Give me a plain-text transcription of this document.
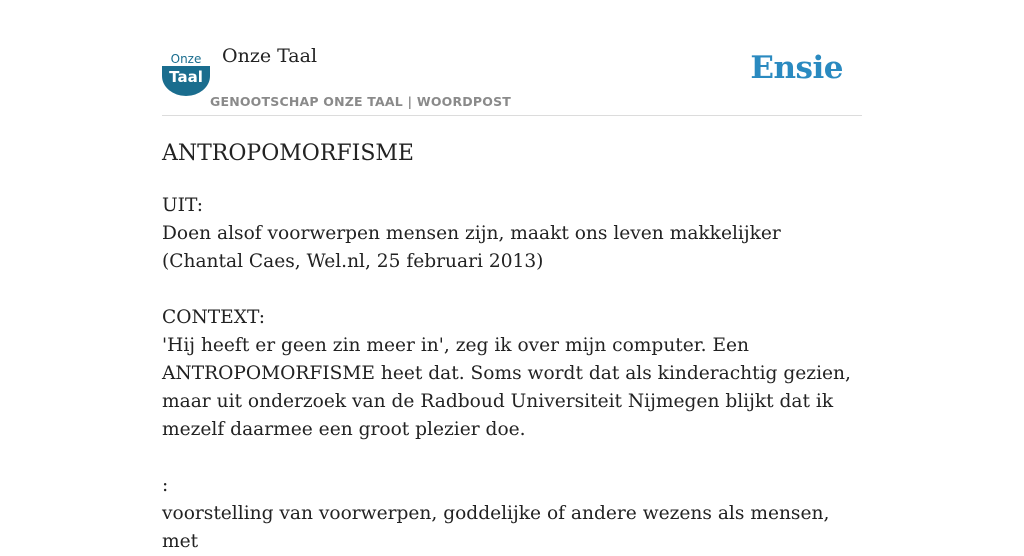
Onze
Taal
Onze Taal
GENOOTSCHAP ONZE TAAL | WOORDPOST
Ensie
ANTROPOMORFISME

UIT:

Doen alsof voorwerpen mensen zijn, maakt ons leven makkelijker (Chantal Caes, Wel.nl, 25 februari 2013)

CONTEXT:

'Hij heeft er geen zin meer in', zeg ik over mijn computer. Een ANTROPOMORFISME heet dat. Soms wordt dat als kinderachtig gezien, maar uit onderzoek van de Radboud Universiteit Nijmegen blijkt dat ik mezelf daarmee een groot plezier doe.

:

voorstelling van voorwerpen, goddelijke of andere wezens als mensen, met
